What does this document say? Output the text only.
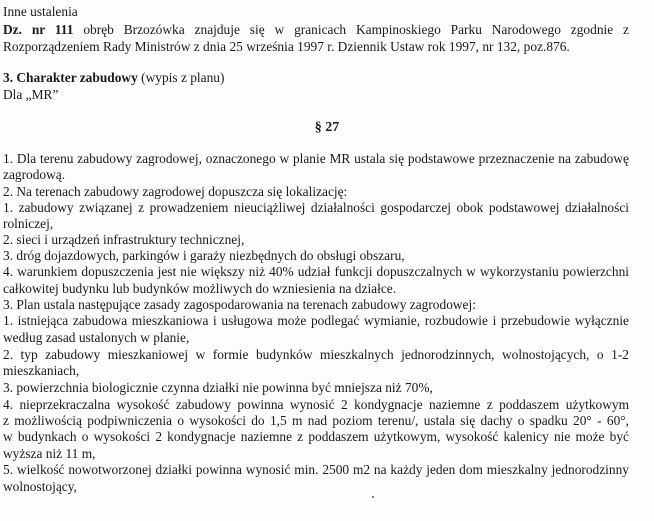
Inne ustalenia
Dz. nr 111 obręb Brzozówka znajduje się w granicach Kampinoskiego Parku Narodowego zgodnie z
Rozporządzeniem Rady Ministrów z dnia 25 września 1997 r. Dziennik Ustaw rok 1997, nr 132, poz.876.
3. Charakter zabudowy (wypis z planu)
Dla „MR”
§ 27
1. Dla terenu zabudowy zagrodowej, oznaczonego w planie MR ustala się podstawowe przeznaczenie na zabudowę
zagrodową.
2. Na terenach zabudowy zagrodowej dopuszcza się lokalizację:
1. zabudowy związanej z prowadzeniem nieuciążliwej działalności gospodarczej obok podstawowej działalności
rolniczej,
2. sieci i urządzeń infrastruktury technicznej,
3. dróg dojazdowych, parkingów i garaży niezbędnych do obsługi obszaru,
4. warunkiem dopuszczenia jest nie większy niż 40% udział funkcji dopuszczalnych w wykorzystaniu powierzchni
całkowitej budynku lub budynków możliwych do wzniesienia na działce.
3. Plan ustala następujące zasady zagospodarowania na terenach zabudowy zagrodowej:
1. istniejąca zabudowa mieszkaniowa i usługowa może podlegać wymianie, rozbudowie i przebudowie wyłącznie
według zasad ustalonych w planie,
2. typ zabudowy mieszkaniowej w formie budynków mieszkalnych jednorodzinnych, wolnostojących, o 1-2
mieszkaniach,
3. powierzchnia biologicznie czynna działki nie powinna być mniejsza niż 70%,
4. nieprzekraczalna wysokość zabudowy powinna wynosić 2 kondygnacje naziemne z poddaszem użytkowym
z możliwością podpiwniczenia o wysokości do 1,5 m nad poziom terenu/, ustala się dachy o spadku 20° - 60°,
w budynkach o wysokości 2 kondygnacje naziemne z poddaszem użytkowym, wysokość kalenicy nie może być
wyższa niż 11 m,
5. wielkość nowotworzonej działki powinna wynosić min. 2500 m2 na każdy jeden dom mieszkalny jednorodzinny
wolnostojący,
